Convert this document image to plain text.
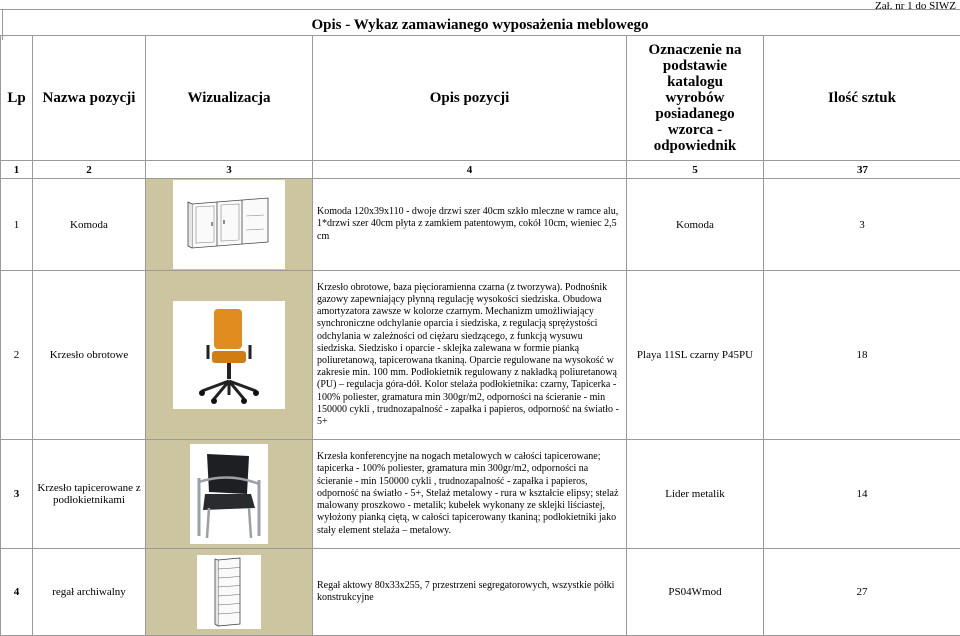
Zał. nr 1 do SIWZ
Opis - Wykaz zamawianego wyposażenia meblowego
Lp	Nazwa pozycji	Wizualizacja	Opis pozycji	Oznaczenie na podstawie katalogu wyrobów posiadanego wzorca - odpowiednik	Ilość sztuk
1	2	3	4	5	37
1	Komoda		Komoda 120x39x110 - dwoje drzwi szer 40cm szkło mleczne w ramce alu, 1*drzwi szer 40cm płyta z zamkiem patentowym, cokół 10cm, wieniec 2,5 cm	Komoda	3
2	Krzesło obrotowe		Krzesło obrotowe, baza pięcioramienna czarna (z tworzywa). Podnośnik gazowy zapewniający płynną regulację wysokości siedziska. Obudowa amortyzatora zawsze w kolorze czarnym. Mechanizm umożliwiający synchroniczne odchylanie oparcia i siedziska, z regulacją sprężystości odchylania w zależności od ciężaru siedzącego, z funkcją wysuwu siedziska. Siedzisko i oparcie - sklejka zalewana w formie pianką poliuretanową, tapicerowana tkaniną. Oparcie regulowane na wysokość w zakresie min. 100 mm. Podłokietnik regulowany z nakładką poliuretanową (PU) – regulacja góra-dół. Kolor stelaża podłokietnika: czarny, Tapicerka - 100% poliester, gramatura min 300gr/m2, odporności na ścieranie - min 150000 cykli , trudnozapalność - zapałka i papieros, odporność na światło - 5+	Playa 11SL czarny P45PU	18
3	Krzesło tapicerowane z podłokietnikami		Krzesła konferencyjne na nogach metalowych w całości tapicerowane; tapicerka - 100% poliester, gramatura min 300gr/m2, odporności na ścieranie - min 150000 cykli , trudnozapalność - zapałka i papieros, odporność na światło - 5+, Stelaż metalowy - rura w kształcie elipsy; stelaż malowany proszkowo - metalik; kubełek wykonany ze sklejki liściastej, wyłożony pianką ciętą, w całości tapicerowany tkaniną; podłokietniki jako stały element stelaża – metalowy.	Lider metalik	14
4	regał archiwalny		Regał aktowy 80x33x255, 7 przestrzeni segregatorowych, wszystkie półki konstrukcyjne	PS04Wmod	27
